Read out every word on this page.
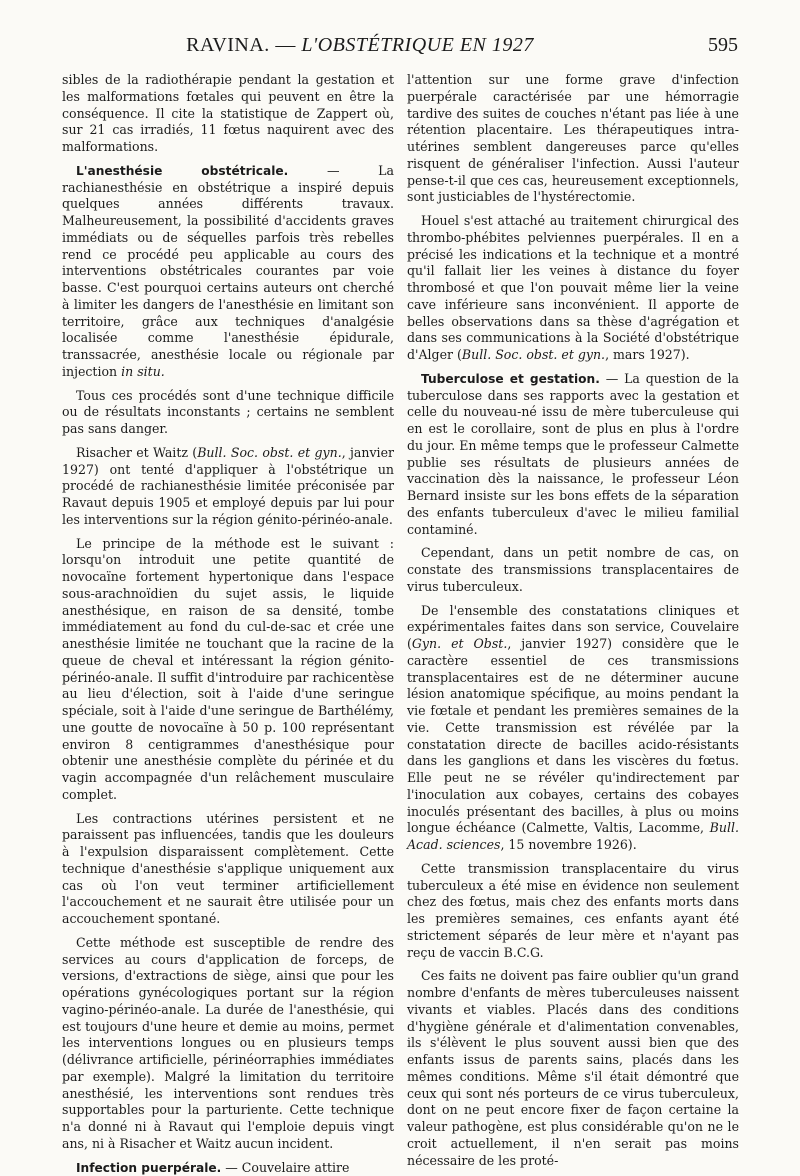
RAVINA. — L'OBSTÉTRIQUE EN 1927	595

sibles de la radiothérapie pendant la gestation et les malformations fœtales qui peuvent en être la conséquence. Il cite la statistique de Zappert où, sur 21 cas irradiés, 11 fœtus naquirent avec des malformations.

L'anesthésie obstétricale. — La rachianesthésie en obstétrique a inspiré depuis quelques années différents travaux. Malheureusement, la possibilité d'accidents graves immédiats ou de séquelles parfois très rebelles rend ce procédé peu applicable au cours des interventions obstétricales courantes par voie basse. C'est pourquoi certains auteurs ont cherché à limiter les dangers de l'anesthésie en limitant son territoire, grâce aux techniques d'analgésie localisée comme l'anesthésie épidurale, transsacrée, anesthésie locale ou régionale par injection in situ.

Tous ces procédés sont d'une technique difficile ou de résultats inconstants ; certains ne semblent pas sans danger.

Risacher et Waitz (Bull. Soc. obst. et gyn., janvier 1927) ont tenté d'appliquer à l'obstétrique un procédé de rachianesthésie limitée préconisée par Ravaut depuis 1905 et employé depuis par lui pour les interventions sur la région génito-périnéo-anale.

Le principe de la méthode est le suivant : lorsqu'on introduit une petite quantité de novocaïne fortement hypertonique dans l'espace sous-arachnoïdien du sujet assis, le liquide anesthésique, en raison de sa densité, tombe immédiatement au fond du cul-de-sac et crée une anesthésie limitée ne touchant que la racine de la queue de cheval et intéressant la région génito-périnéo-anale. Il suffit d'introduire par rachicentèse au lieu d'élection, soit à l'aide d'une seringue spéciale, soit à l'aide d'une seringue de Barthélémy, une goutte de novocaïne à 50 p. 100 représentant environ 8 centigrammes d'anesthésique pour obtenir une anesthésie complète du périnée et du vagin accompagnée d'un relâchement musculaire complet.

Les contractions utérines persistent et ne paraissent pas influencées, tandis que les douleurs à l'expulsion disparaissent complètement. Cette technique d'anesthésie s'applique uniquement aux cas où l'on veut terminer artificiellement l'accouchement et ne saurait être utilisée pour un accouchement spontané.

Cette méthode est susceptible de rendre des services au cours d'application de forceps, de versions, d'extractions de siège, ainsi que pour les opérations gynécologiques portant sur la région vagino-périnéo-anale. La durée de l'anesthésie, qui est toujours d'une heure et demie au moins, permet les interventions longues ou en plusieurs temps (délivrance artificielle, périnéorraphies immédiates par exemple). Malgré la limitation du territoire anesthésié, les interventions sont rendues très supportables pour la parturiente. Cette technique n'a donné ni à Ravaut qui l'emploie depuis vingt ans, ni à Risacher et Waitz aucun incident.

Infection puerpérale. — Couvelaire attire

l'attention sur une forme grave d'infection puerpérale caractérisée par une hémorragie tardive des suites de couches n'étant pas liée à une rétention placentaire. Les thérapeutiques intra-utérines semblent dangereuses parce qu'elles risquent de généraliser l'infection. Aussi l'auteur pense-t-il que ces cas, heureusement exceptionnels, sont justiciables de l'hystérectomie.

Houel s'est attaché au traitement chirurgical des thrombo-phébites pelviennes puerpérales. Il en a précisé les indications et la technique et a montré qu'il fallait lier les veines à distance du foyer thrombosé et que l'on pouvait même lier la veine cave inférieure sans inconvénient. Il apporte de belles observations dans sa thèse d'agrégation et dans ses communications à la Société d'obstétrique d'Alger (Bull. Soc. obst. et gyn., mars 1927).

Tuberculose et gestation. — La question de la tuberculose dans ses rapports avec la gestation et celle du nouveau-né issu de mère tuberculeuse qui en est le corollaire, sont de plus en plus à l'ordre du jour. En même temps que le professeur Calmette publie ses résultats de plusieurs années de vaccination dès la naissance, le professeur Léon Bernard insiste sur les bons effets de la séparation des enfants tuberculeux d'avec le milieu familial contaminé.

Cependant, dans un petit nombre de cas, on constate des transmissions transplacentaires de virus tuberculeux.

De l'ensemble des constatations cliniques et expérimentales faites dans son service, Couvelaire (Gyn. et Obst., janvier 1927) considère que le caractère essentiel de ces transmissions transplacentaires est de ne déterminer aucune lésion anatomique spécifique, au moins pendant la vie fœtale et pendant les premières semaines de la vie. Cette transmission est révélée par la constatation directe de bacilles acido-résistants dans les ganglions et dans les viscères du fœtus. Elle peut ne se révéler qu'indirectement par l'inoculation aux cobayes, certains des cobayes inoculés présentant des bacilles, à plus ou moins longue échéance (Calmette, Valtis, Lacomme, Bull. Acad. sciences, 15 novembre 1926).

Cette transmission transplacentaire du virus tuberculeux a été mise en évidence non seulement chez des fœtus, mais chez des enfants morts dans les premières semaines, ces enfants ayant été strictement séparés de leur mère et n'ayant pas reçu de vaccin B.C.G.

Ces faits ne doivent pas faire oublier qu'un grand nombre d'enfants de mères tuberculeuses naissent vivants et viables. Placés dans des conditions d'hygiène générale et d'alimentation convenables, ils s'élèvent le plus souvent aussi bien que des enfants issus de parents sains, placés dans les mêmes conditions. Même s'il était démontré que ceux qui sont nés porteurs de ce virus tuberculeux, dont on ne peut encore fixer de façon certaine la valeur pathogène, est plus considérable qu'on ne le croit actuellement, il n'en serait pas moins nécessaire de les proté-
